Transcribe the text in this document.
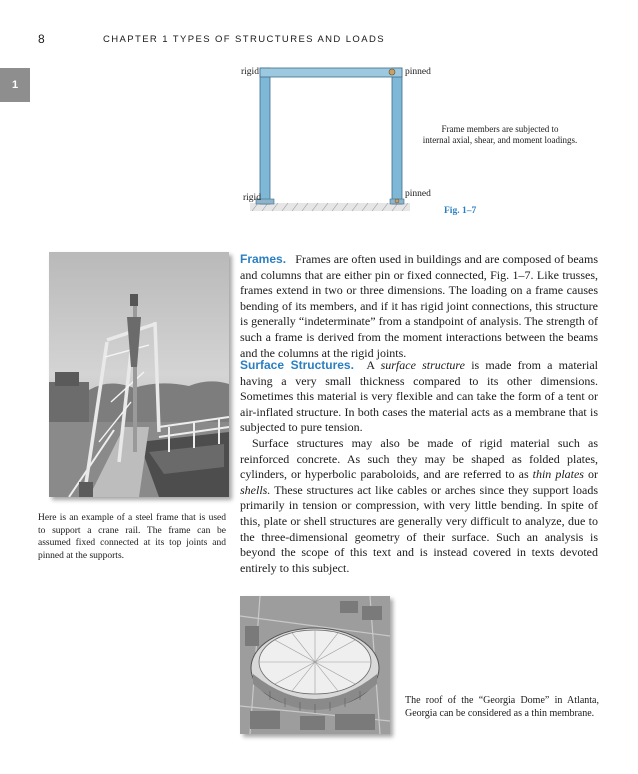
8	CHAPTER 1 TYPES OF STRUCTURES AND LOADS
1
rigid	pinned
rigid	pinned
Frame members are subjected to
internal axial, shear, and moment loadings.
Fig. 1–7

Frames. Frames are often used in buildings and are composed of beams and columns that are either pin or fixed connected, Fig. 1–7. Like trusses, frames extend in two or three dimensions. The loading on a frame causes bending of its members, and if it has rigid joint connections, this structure is generally “indeterminate” from a standpoint of analysis. The strength of such a frame is derived from the moment interactions between the beams and the columns at the rigid joints.

Surface Structures. A surface structure is made from a material having a very small thickness compared to its other dimensions. Sometimes this material is very flexible and can take the form of a tent or air-inflated structure. In both cases the material acts as a membrane that is subjected to pure tension.

Surface structures may also be made of rigid material such as reinforced concrete. As such they may be shaped as folded plates, cylinders, or hyperbolic paraboloids, and are referred to as thin plates or shells. These structures act like cables or arches since they support loads primarily in tension or compression, with very little bending. In spite of this, plate or shell structures are generally very difficult to analyze, due to the three-dimensional geometry of their surface. Such an analysis is beyond the scope of this text and is instead covered in texts devoted entirely to this subject.

Here is an example of a steel frame that is used to support a crane rail. The frame can be assumed fixed connected at its top joints and pinned at the supports.
The roof of the “Georgia Dome” in Atlanta, Georgia can be considered as a thin membrane.
